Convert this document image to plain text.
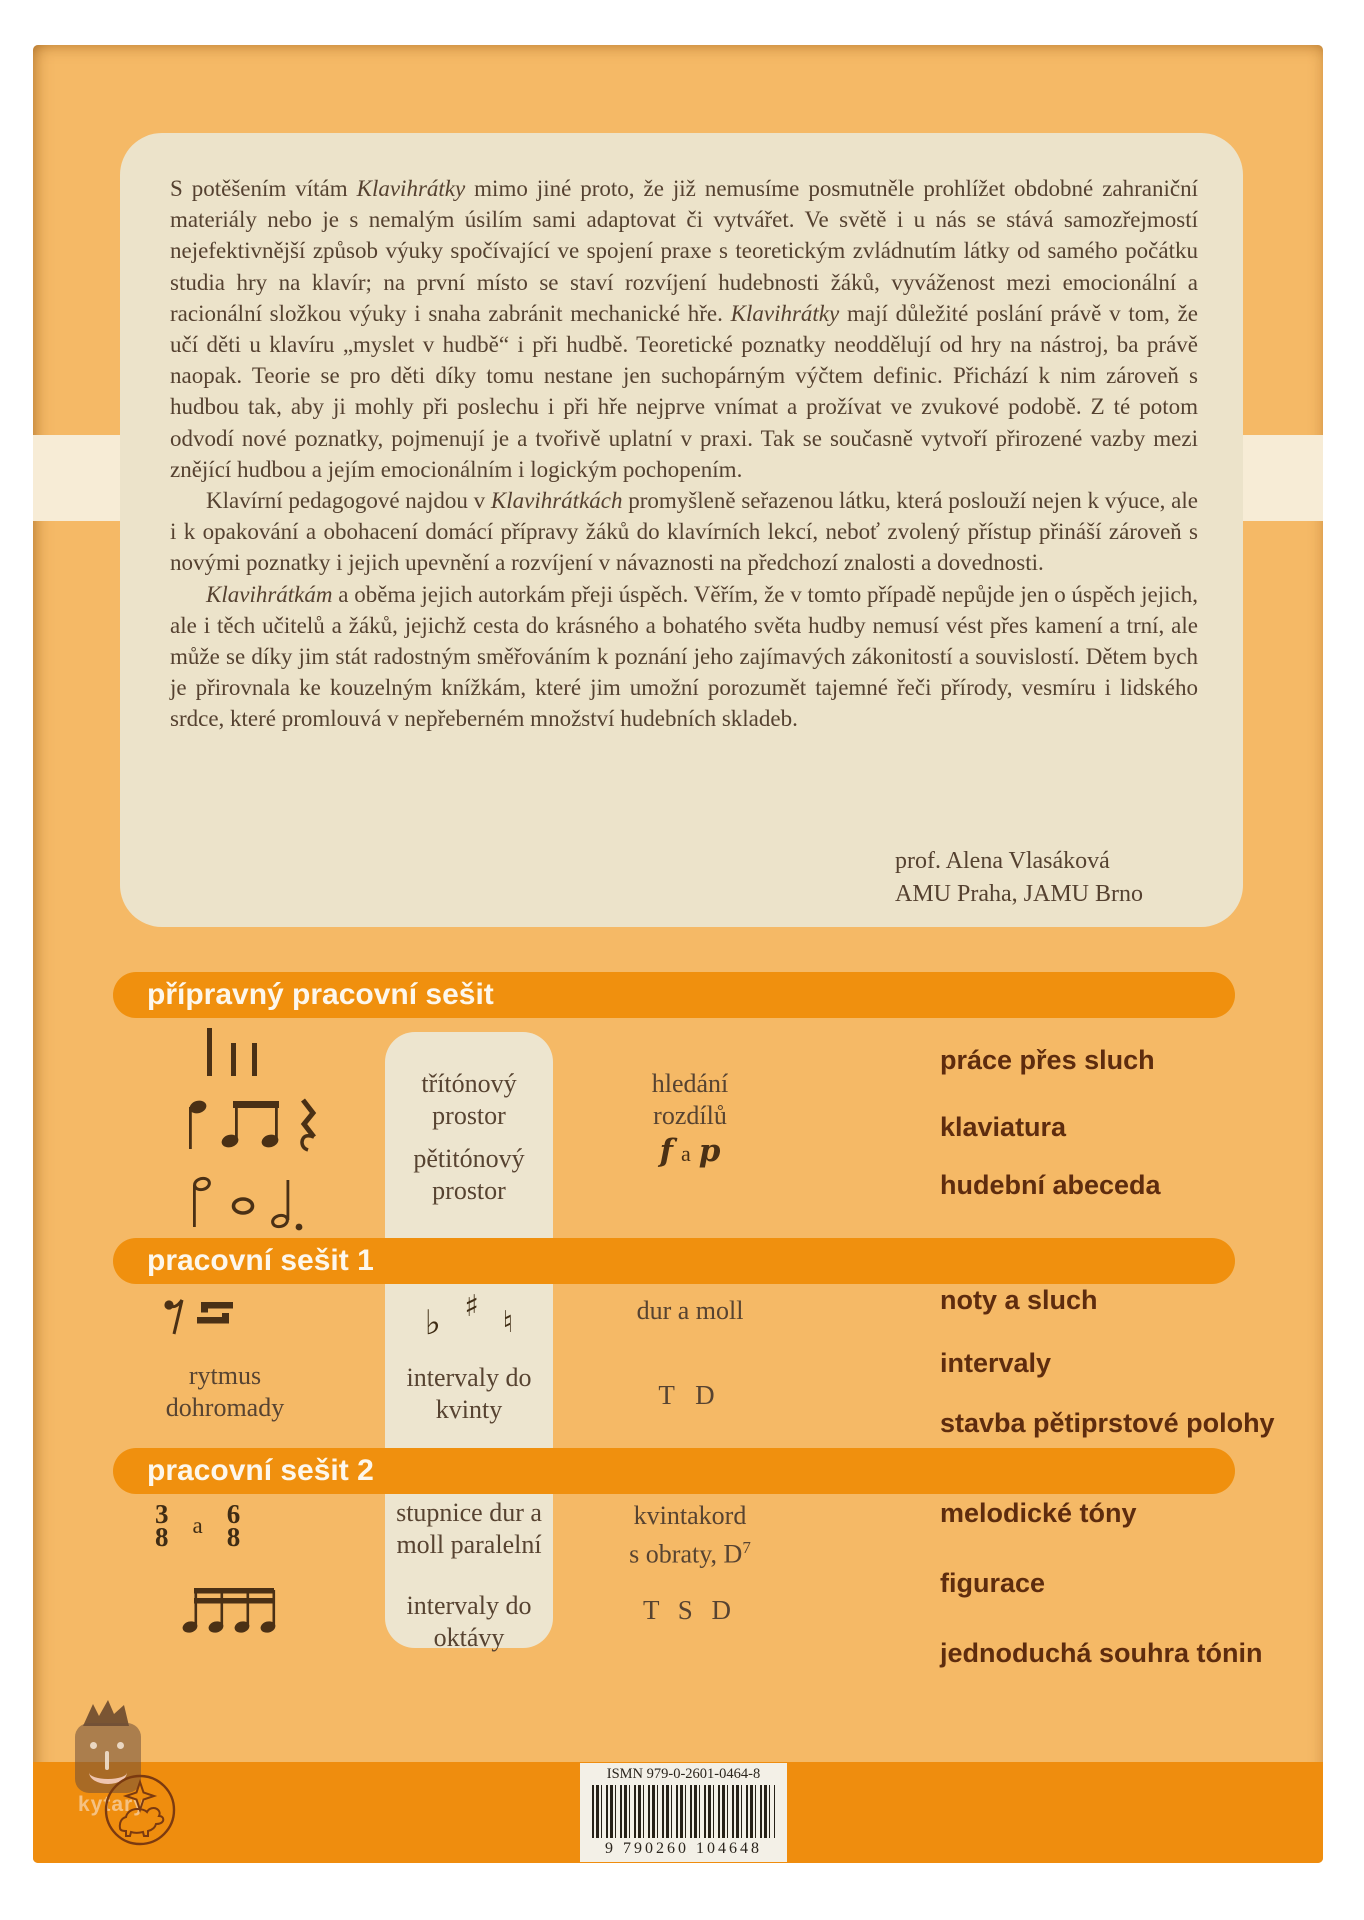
S potěšením vítám Klavihrátky mimo jiné proto, že již nemusíme posmutněle prohlížet obdobné zahraniční materiály nebo je s nemalým úsilím sami adaptovat či vytvářet. Ve světě i u nás se stává samozřejmostí nejefektivnější způsob výuky spočívající ve spojení praxe s teoretickým zvládnutím látky od samého počátku studia hry na klavír; na první místo se staví rozvíjení hudebnosti žáků, vyváženost mezi emocionální a racionální složkou výuky i snaha zabránit mechanické hře. Klavihrátky mají důležité poslání právě v tom, že učí děti u klavíru „myslet v hudbě“ i při hudbě. Teoretické poznatky neoddělují od hry na nástroj, ba právě naopak. Teorie se pro děti díky tomu nestane jen suchopárným výčtem definic. Přichází k nim zároveň s hudbou tak, aby ji mohly při poslechu i při hře nejprve vnímat a prožívat ve zvukové podobě. Z té potom odvodí nové poznatky, pojmenují je a tvořivě uplatní v praxi. Tak se současně vytvoří přirozené vazby mezi znějící hudbou a jejím emocionálním i logickým pochopením.

Klavírní pedagogové najdou v Klavihrátkách promyšleně seřazenou látku, která poslouží nejen k výuce, ale i k opakování a obohacení domácí přípravy žáků do klavírních lekcí, neboť zvolený přístup přináší zároveň s novými poznatky i jejich upevnění a rozvíjení v návaznosti na předchozí znalosti a dovednosti.

Klavihrátkám a oběma jejich autorkám přeji úspěch. Věřím, že v tomto případě nepůjde jen o úspěch jejich, ale i těch učitelů a žáků, jejichž cesta do krásného a bohatého světa hudby nemusí vést přes kamení a trní, ale může se díky jim stát radostným směřováním k poznání jeho zajímavých zákonitostí a souvislostí. Dětem bych je přirovnala ke kouzelným knížkám, které jim umožní porozumět tajemné řeči přírody, vesmíru i lidského srdce, které promlouvá v nepřeberném množství hudebních skladeb.

prof. Alena Vlasáková
AMU Praha, JAMU Brno
přípravný pracovní sešit
pracovní sešit 1
pracovní sešit 2
třítónový prostor
pětitónový prostor
hledání rozdílů
f a p
práce přes sluch
klaviatura
hudební abeceda
rytmus dohromady
♭ ♯ ♮
intervaly do kvinty
dur a moll
T D
noty a sluch
intervaly
stavba pětiprstové polohy
3
8 a 6
8
stupnice dur a moll paralelní
intervaly do oktávy
kvintakord
s obraty, $D^7$
T S D
melodické tóny
figurace
jednoduchá souhra tónin
ISMN 979-0-2601-0464-8
9 790260 104648
kytary
